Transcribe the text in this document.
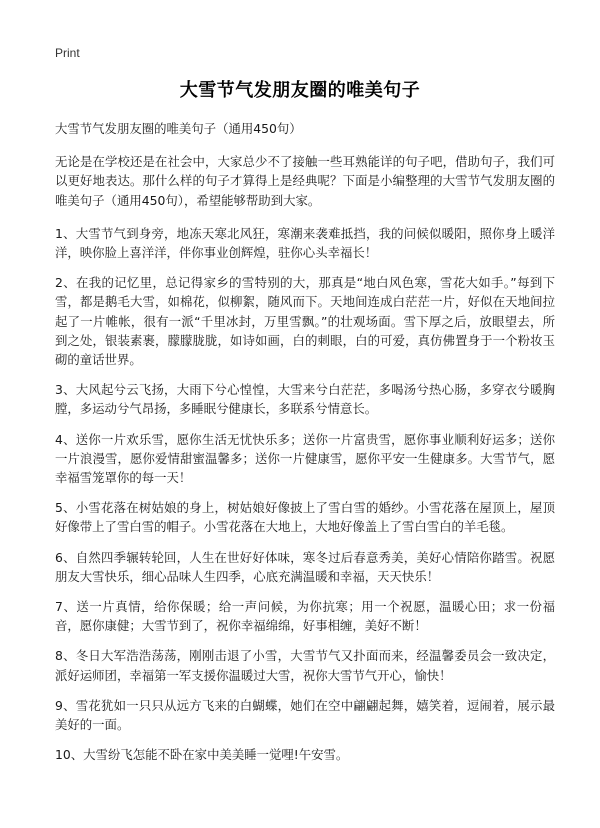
Print
大雪节气发朋友圈的唯美句子

大雪节气发朋友圈的唯美句子（通用450句）

无论是在学校还是在社会中，大家总少不了接触一些耳熟能详的句子吧，借助句子，我们可以更好地表达。那什么样的句子才算得上是经典呢？下面是小编整理的大雪节气发朋友圈的唯美句子（通用450句），希望能够帮助到大家。

1、大雪节气到身旁，地冻天寒北风狂，寒潮来袭难抵挡，我的问候似暖阳，照你身上暖洋洋，映你脸上喜洋洋，伴你事业创辉煌，驻你心头幸福长！

2、在我的记忆里，总记得家乡的雪特别的大，那真是“地白风色寒，雪花大如手。”每到下雪，都是鹅毛大雪，如棉花，似柳絮，随风而下。天地间连成白茫茫一片，好似在天地间拉起了一片帷帐，很有一派“千里冰封，万里雪飘。”的壮观场面。雪下厚之后，放眼望去，所到之处，银装素裹，朦朦胧胧，如诗如画，白的刺眼，白的可爱，真仿佛置身于一个粉妆玉砌的童话世界。

3、大风起兮云飞扬，大雨下兮心惶惶，大雪来兮白茫茫，多喝汤兮热心肠，多穿衣兮暖胸膛，多运动兮气昂扬，多睡眠兮健康长，多联系兮情意长。

4、送你一片欢乐雪，愿你生活无忧快乐多；送你一片富贵雪，愿你事业顺利好运多；送你一片浪漫雪，愿你爱情甜蜜温馨多；送你一片健康雪，愿你平安一生健康多。大雪节气，愿幸福雪笼罩你的每一天！

5、小雪花落在树姑娘的身上，树姑娘好像披上了雪白雪的婚纱。小雪花落在屋顶上，屋顶好像带上了雪白雪的帽子。小雪花落在大地上，大地好像盖上了雪白雪白的羊毛毯。

6、自然四季辗转轮回，人生在世好好体味，寒冬过后春意秀美，美好心情陪你踏雪。祝愿朋友大雪快乐，细心品味人生四季，心底充满温暖和幸福，天天快乐！

7、送一片真情，给你保暖；给一声问候，为你抗寒；用一个祝愿，温暖心田；求一份福音，愿你康健；大雪节到了，祝你幸福绵绵，好事相缠，美好不断！

8、冬日大军浩浩荡荡，刚刚击退了小雪，大雪节气又扑面而来，经温馨委员会一致决定，派好运师团，幸福第一军支援你温暖过大雪，祝你大雪节气开心，愉快！

9、雪花犹如一只只从远方飞来的白蝴蝶，她们在空中翩翩起舞，嬉笑着，逗闹着，展示最美好的一面。

10、大雪纷飞怎能不卧在家中美美睡一觉哩!午安雪。
